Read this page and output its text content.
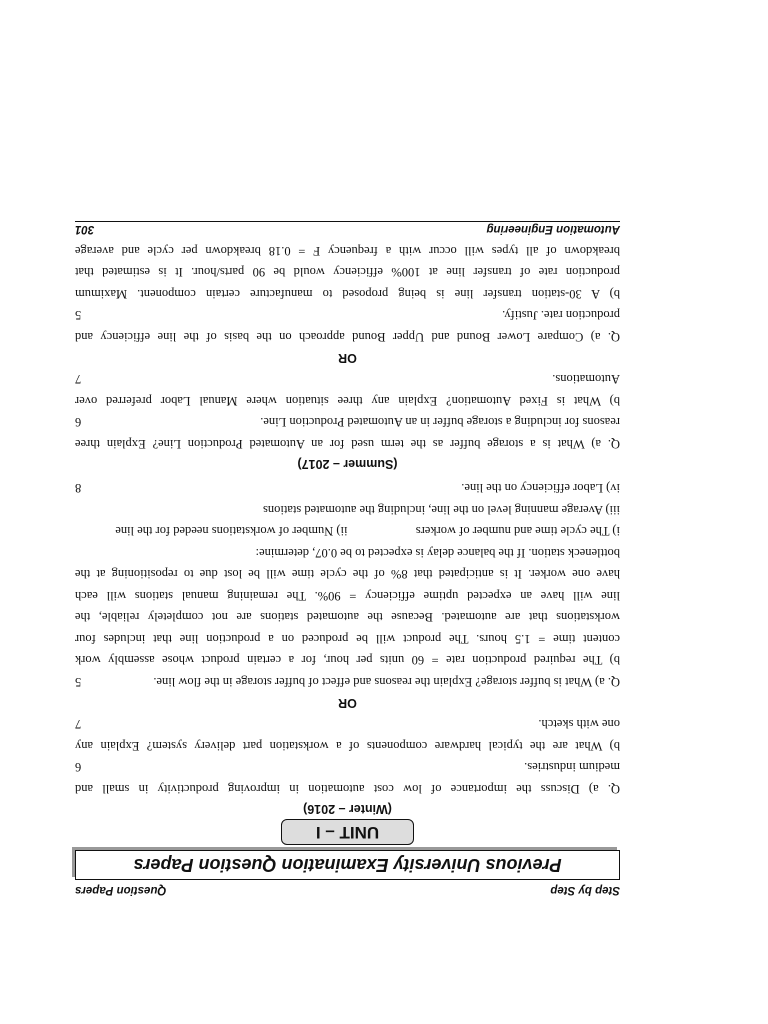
Step by Step
Question Papers
Previous University Examination Question Papers
UNIT – I
(Winter – 2016)
Q. a) Discuss the importance of low cost automation in improving productivity in small and
medium industries.
6
b) What are the typical hardware components of a workstation part delivery system? Explain any
one with sketch.
7
OR
Q. a) What is buffer storage? Explain the reasons and effect of buffer storage in the flow line.
5
b) The required production rate = 60 units per hour, for a certain product whose assembly work
content time = 1.5 hours. The product will be produced on a production line that includes four
workstations that are automated. Because the automated stations are not completely reliable, the
line will have an expected uptime efficiency = 90%. The remaining manual stations will each
have one worker. It is anticipated that 8% of the cycle time will be lost due to repositioning at the
bottleneck station. If the balance delay is expected to be 0.07, determine:
i) The cycle time and number of workers
ii) Number of workstations needed for the line
iii) Average manning level on the line, including the automated stations
iv) Labor efficiency on the line.
8
(Summer – 2017)
Q. a) What is a storage buffer as the term used for an Automated Production Line? Explain three
reasons for including a storage buffer in an Automated Production Line.
6
b) What is Fixed Automation? Explain any three situation where Manual Labor preferred over
Automations.
7
OR
Q. a) Compare Lower Bound and Upper Bound approach on the basis of the line efficiency and
production rate. Justify.
5
b) A 30-station transfer line is being proposed to manufacture certain component. Maximum
production rate of transfer line at 100% efficiency would be 90 parts/hour. It is estimated that
breakdown of all types will occur with a frequency F = 0.18 breakdown per cycle and average
Automation Engineering
301
